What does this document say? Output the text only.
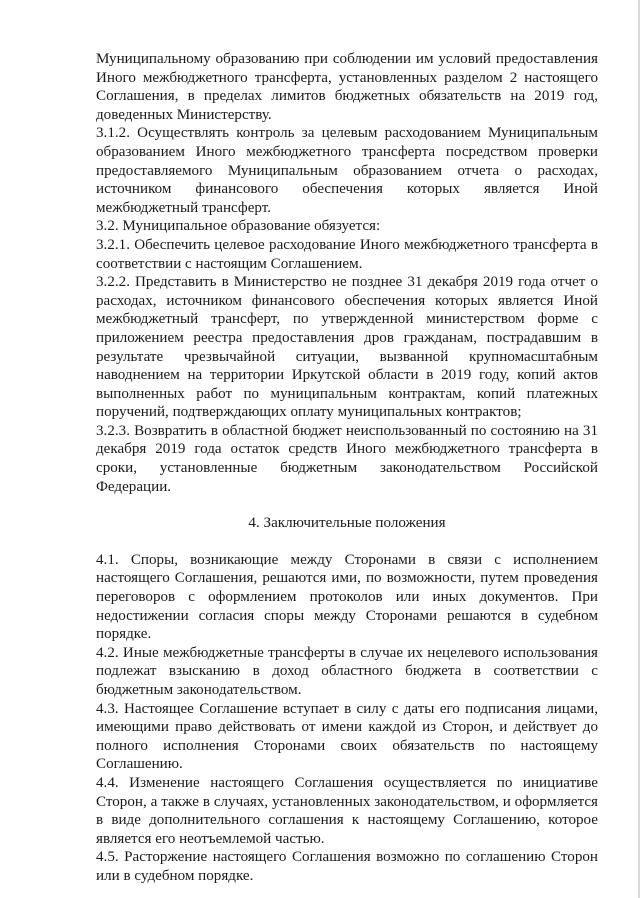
Муниципальному образованию при соблюдении им условий предоставления Иного межбюджетного трансферта, установленных разделом 2 настоящего Соглашения, в пределах лимитов бюджетных обязательств на 2019 год, доведенных Министерству.

3.1.2. Осуществлять контроль за целевым расходованием Муниципальным образованием Иного межбюджетного трансферта посредством проверки предоставляемого Муниципальным образованием отчета о расходах, источником финансового обеспечения которых является Иной межбюджетный трансферт.

3.2. Муниципальное образование обязуется:

3.2.1. Обеспечить целевое расходование Иного межбюджетного трансферта в соответствии с настоящим Соглашением.

3.2.2. Представить в Министерство не позднее 31 декабря 2019 года отчет о расходах, источником финансового обеспечения которых является Иной межбюджетный трансферт, по утвержденной министерством форме с приложением реестра предоставления дров гражданам, пострадавшим в результате чрезвычайной ситуации, вызванной крупномасштабным наводнением на территории Иркутской области в 2019 году, копий актов выполненных работ по муниципальным контрактам, копий платежных поручений, подтверждающих оплату муниципальных контрактов;

3.2.3. Возвратить в областной бюджет неиспользованный по состоянию на 31 декабря 2019 года остаток средств Иного межбюджетного трансферта в сроки, установленные бюджетным законодательством Российской Федерации.

4. Заключительные положения

4.1. Споры, возникающие между Сторонами в связи с исполнением настоящего Соглашения, решаются ими, по возможности, путем проведения переговоров с оформлением протоколов или иных документов. При недостижении согласия споры между Сторонами решаются в судебном порядке.

4.2. Иные межбюджетные трансферты в случае их нецелевого использования подлежат взысканию в доход областного бюджета в соответствии с бюджетным законодательством.

4.3. Настоящее Соглашение вступает в силу с даты его подписания лицами, имеющими право действовать от имени каждой из Сторон, и действует до полного исполнения Сторонами своих обязательств по настоящему Соглашению.

4.4. Изменение настоящего Соглашения осуществляется по инициативе Сторон, а также в случаях, установленных законодательством, и оформляется в виде дополнительного соглашения к настоящему Соглашению, которое является его неотъемлемой частью.

4.5. Расторжение настоящего Соглашения возможно по соглашению Сторон или в судебном порядке.
